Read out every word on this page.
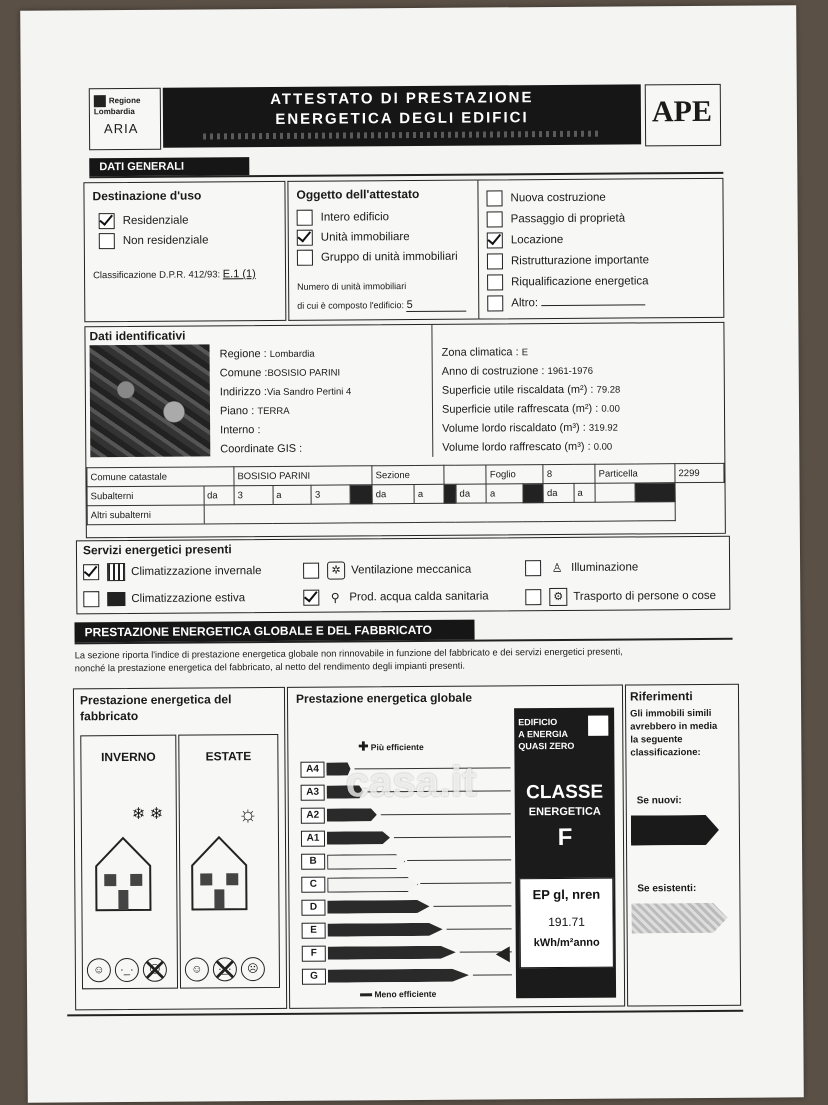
Regione Lombardia
ARIA
ATTESTATO DI PRESTAZIONE
ENERGETICA DEGLI EDIFICI	APE
DATI GENERALI
Destinazione d'uso
Residenziale
Non residenziale
Classificazione D.P.R. 412/93: E.1 (1)
Oggetto dell'attestato
Intero edificio
Unità immobiliare
Gruppo di unità immobiliari
Numero di unità immobiliari
di cui è composto l'edificio: 5
Nuova costruzione
Passaggio di proprietà
Locazione
Ristrutturazione importante
Riqualificazione energetica
Altro:
Dati identificativi
Regione : Lombardia
Comune :BOSISIO PARINI
Indirizzo :Via Sandro Pertini 4
Piano : TERRA
Interno :
Coordinate GIS :
Zona climatica : E
Anno di costruzione : 1961-1976
Superficie utile riscaldata (m²) : 79.28
Superficie utile raffrescata (m²) : 0.00
Volume lordo riscaldato (m³) : 319.92
Volume lordo raffrescato (m³) : 0.00
Comune catastale		BOSISIO PARINI				Sezione				Foglio		8		Particella		2299
Subalterni	da	3	a	3		da	a		da	a		da	a			
Altri subalterni																
Servizi energetici presenti
Climatizzazione invernale	✲ Ventilazione meccanica	♙ Illuminazione
Climatizzazione estiva	⚲ Prod. acqua calda sanitaria	⚙ Trasporto di persone o cose
PRESTAZIONE ENERGETICA GLOBALE E DEL FABBRICATO
La sezione riporta l'indice di prestazione energetica globale non rinnovabile in funzione del fabbricato e dei servizi energetici presenti,
nonché la prestazione energetica del fabbricato, al netto del rendimento degli impianti presenti.
Prestazione energetica del
fabbricato
INVERNO
❄ ❄
☺ ·_· ☹
ESTATE
☼
☺ ·_· ☹
Prestazione energetica globale
✚ Più efficiente
A4
A3
A2
A1
B
C
D
E
F
G
Meno efficiente
EDIFICIO
A ENERGIA
QUASI ZERO
CLASSE
ENERGETICA
F
EP gl, nren
191.71
kWh/m²anno
Riferimenti
Gli immobili simili
avrebbero in media
la seguente
classificazione:
Se nuovi:
Se esistenti:
casa.it
